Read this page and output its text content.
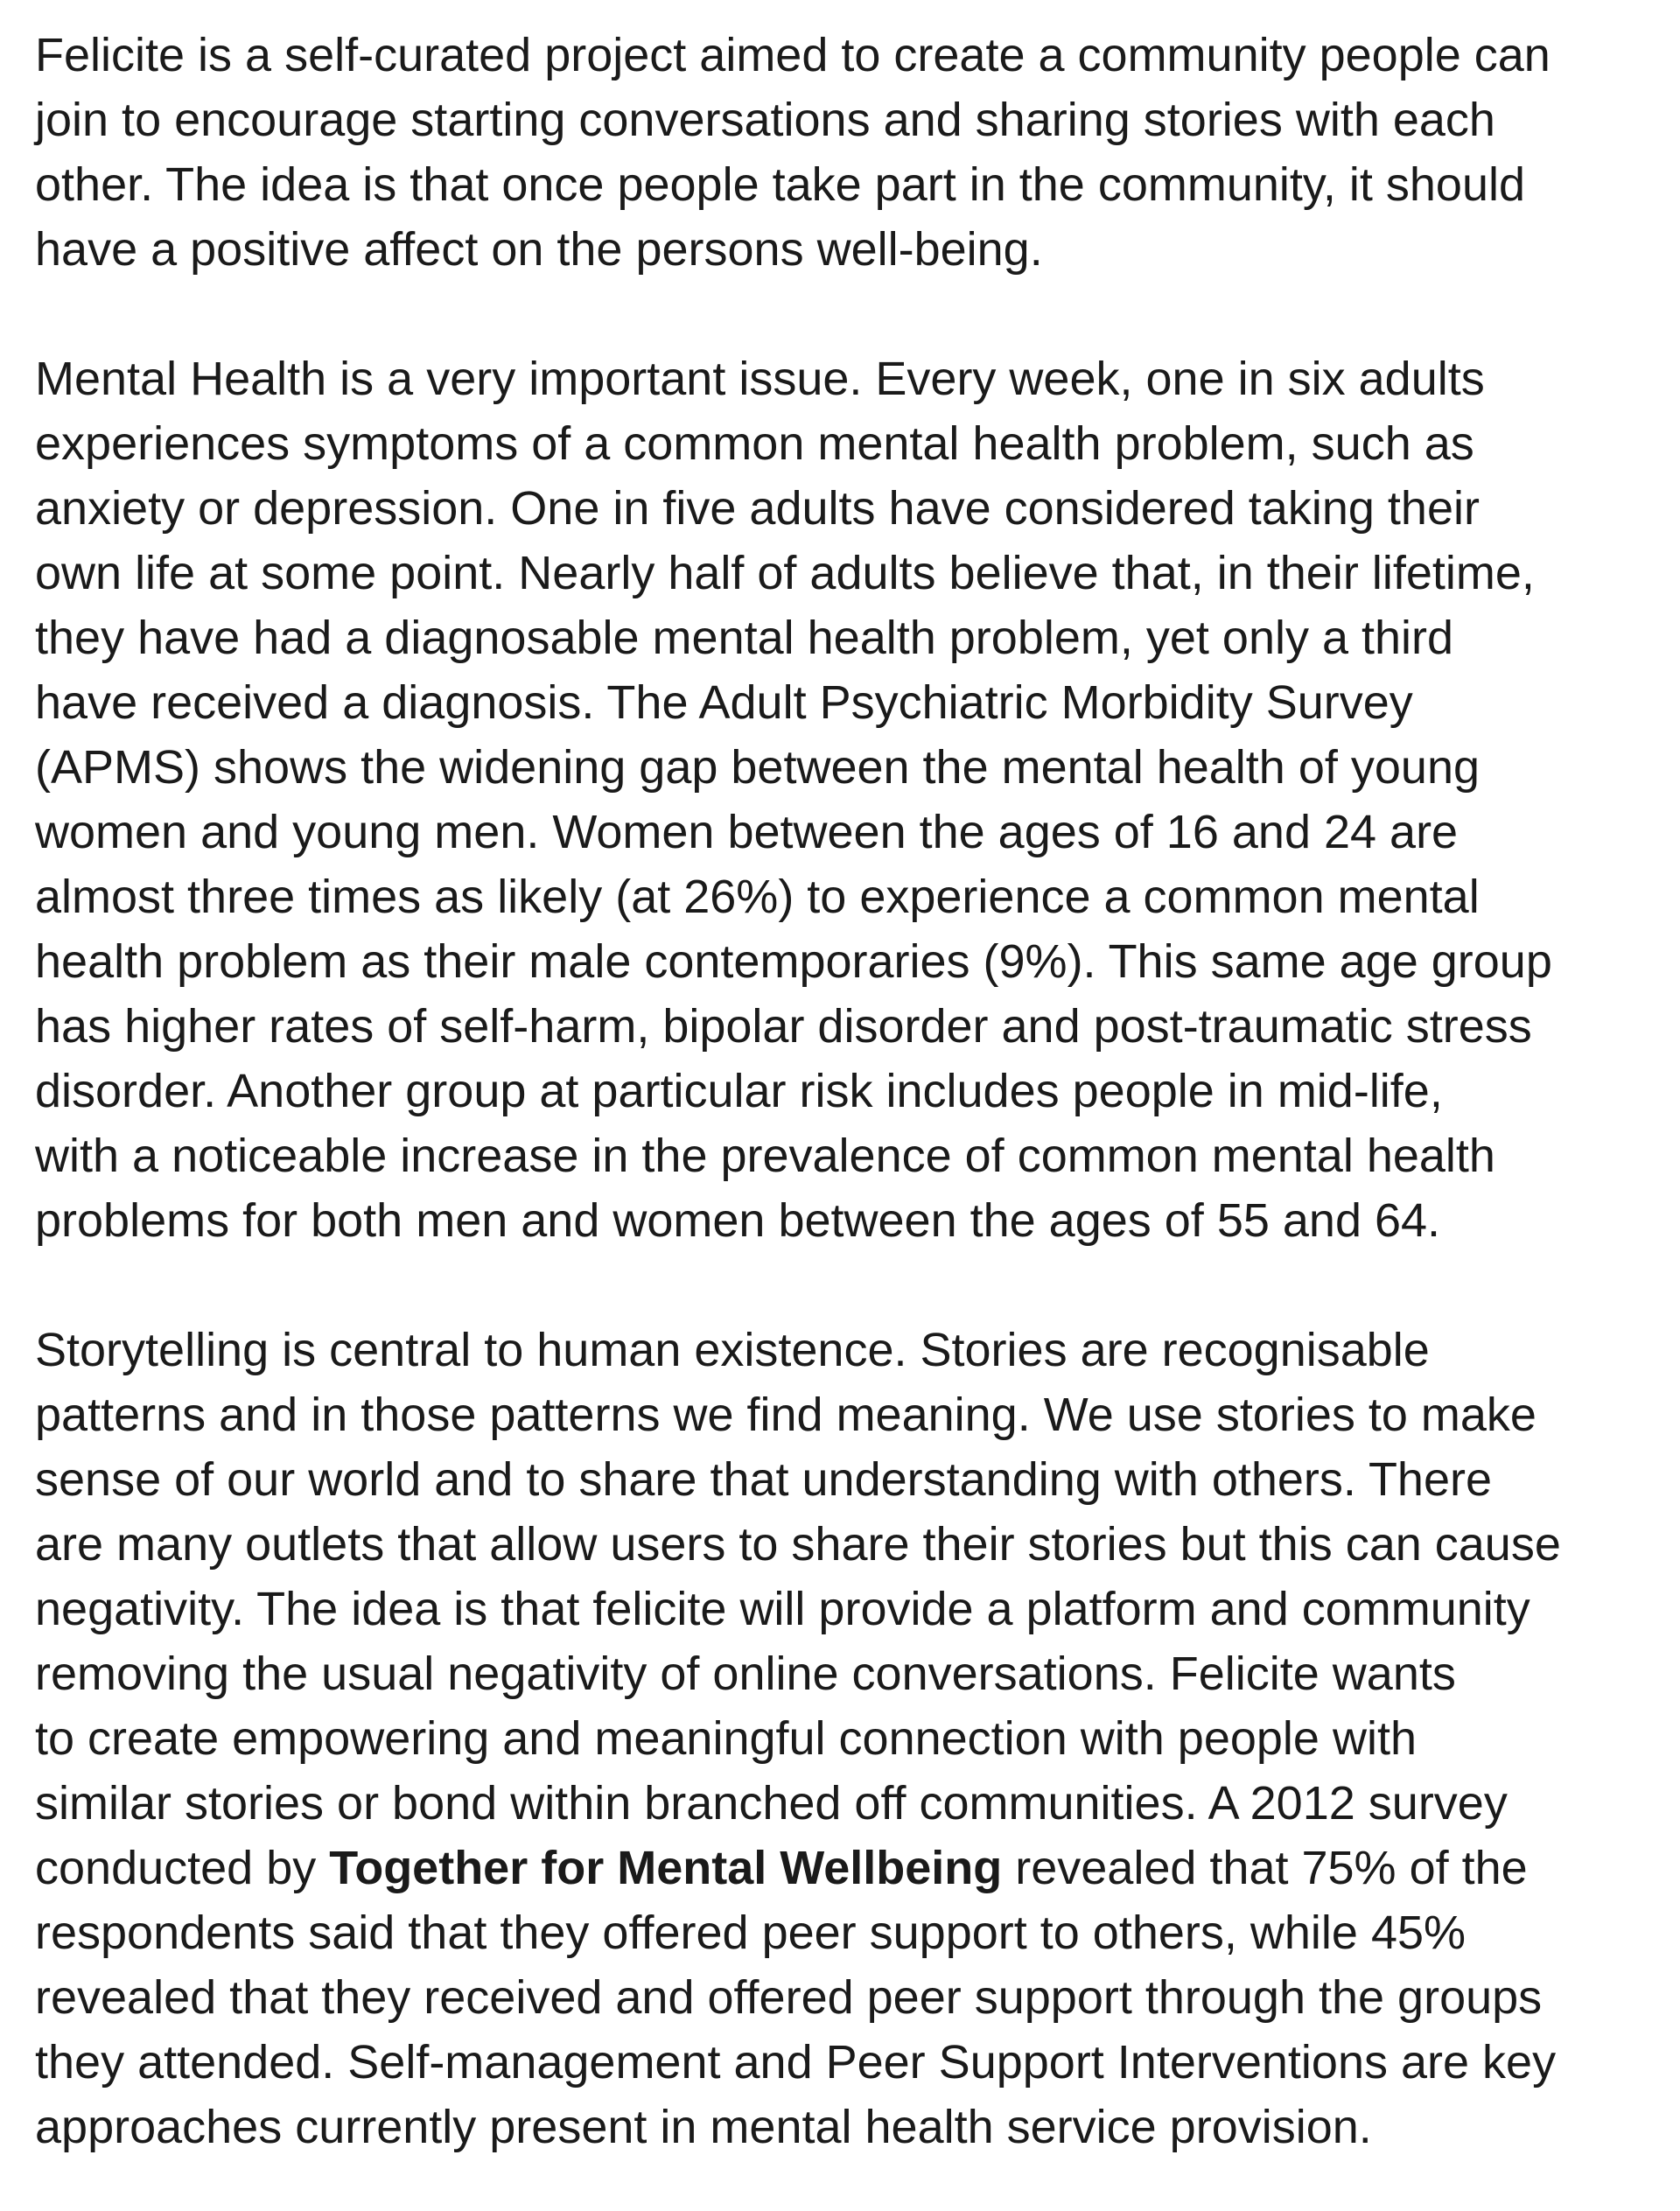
Felicite is a self-curated project aimed to create a community people can
join to encourage starting conversations and sharing stories with each
other. The idea is that once people take part in the community, it should
have a positive affect on the persons well-being.

Mental Health is a very important issue. Every week, one in six adults
experiences symptoms of a common mental health problem, such as
anxiety or depression. One in five adults have considered taking their
own life at some point. Nearly half of adults believe that, in their lifetime,
they have had a diagnosable mental health problem, yet only a third
have received a diagnosis. The Adult Psychiatric Morbidity Survey
(APMS) shows the widening gap between the mental health of young
women and young men. Women between the ages of 16 and 24 are
almost three times as likely (at 26%) to experience a common mental
health problem as their male contemporaries (9%). This same age group
has higher rates of self-harm, bipolar disorder and post-traumatic stress
disorder. Another group at particular risk includes people in mid-life,
with a noticeable increase in the prevalence of common mental health
problems for both men and women between the ages of 55 and 64.

Storytelling is central to human existence. Stories are recognisable
patterns and in those patterns we find meaning. We use stories to make
sense of our world and to share that understanding with others. There
are many outlets that allow users to share their stories but this can cause
negativity. The idea is that felicite will provide a platform and community
removing the usual negativity of online conversations. Felicite wants
to create empowering and meaningful connection with people with
similar stories or bond within branched off communities. A 2012 survey
conducted by Together for Mental Wellbeing revealed that 75% of the
respondents said that they offered peer support to others, while 45%
revealed that they received and offered peer support through the groups
they attended. Self-management and Peer Support Interventions are key
approaches currently present in mental health service provision.
